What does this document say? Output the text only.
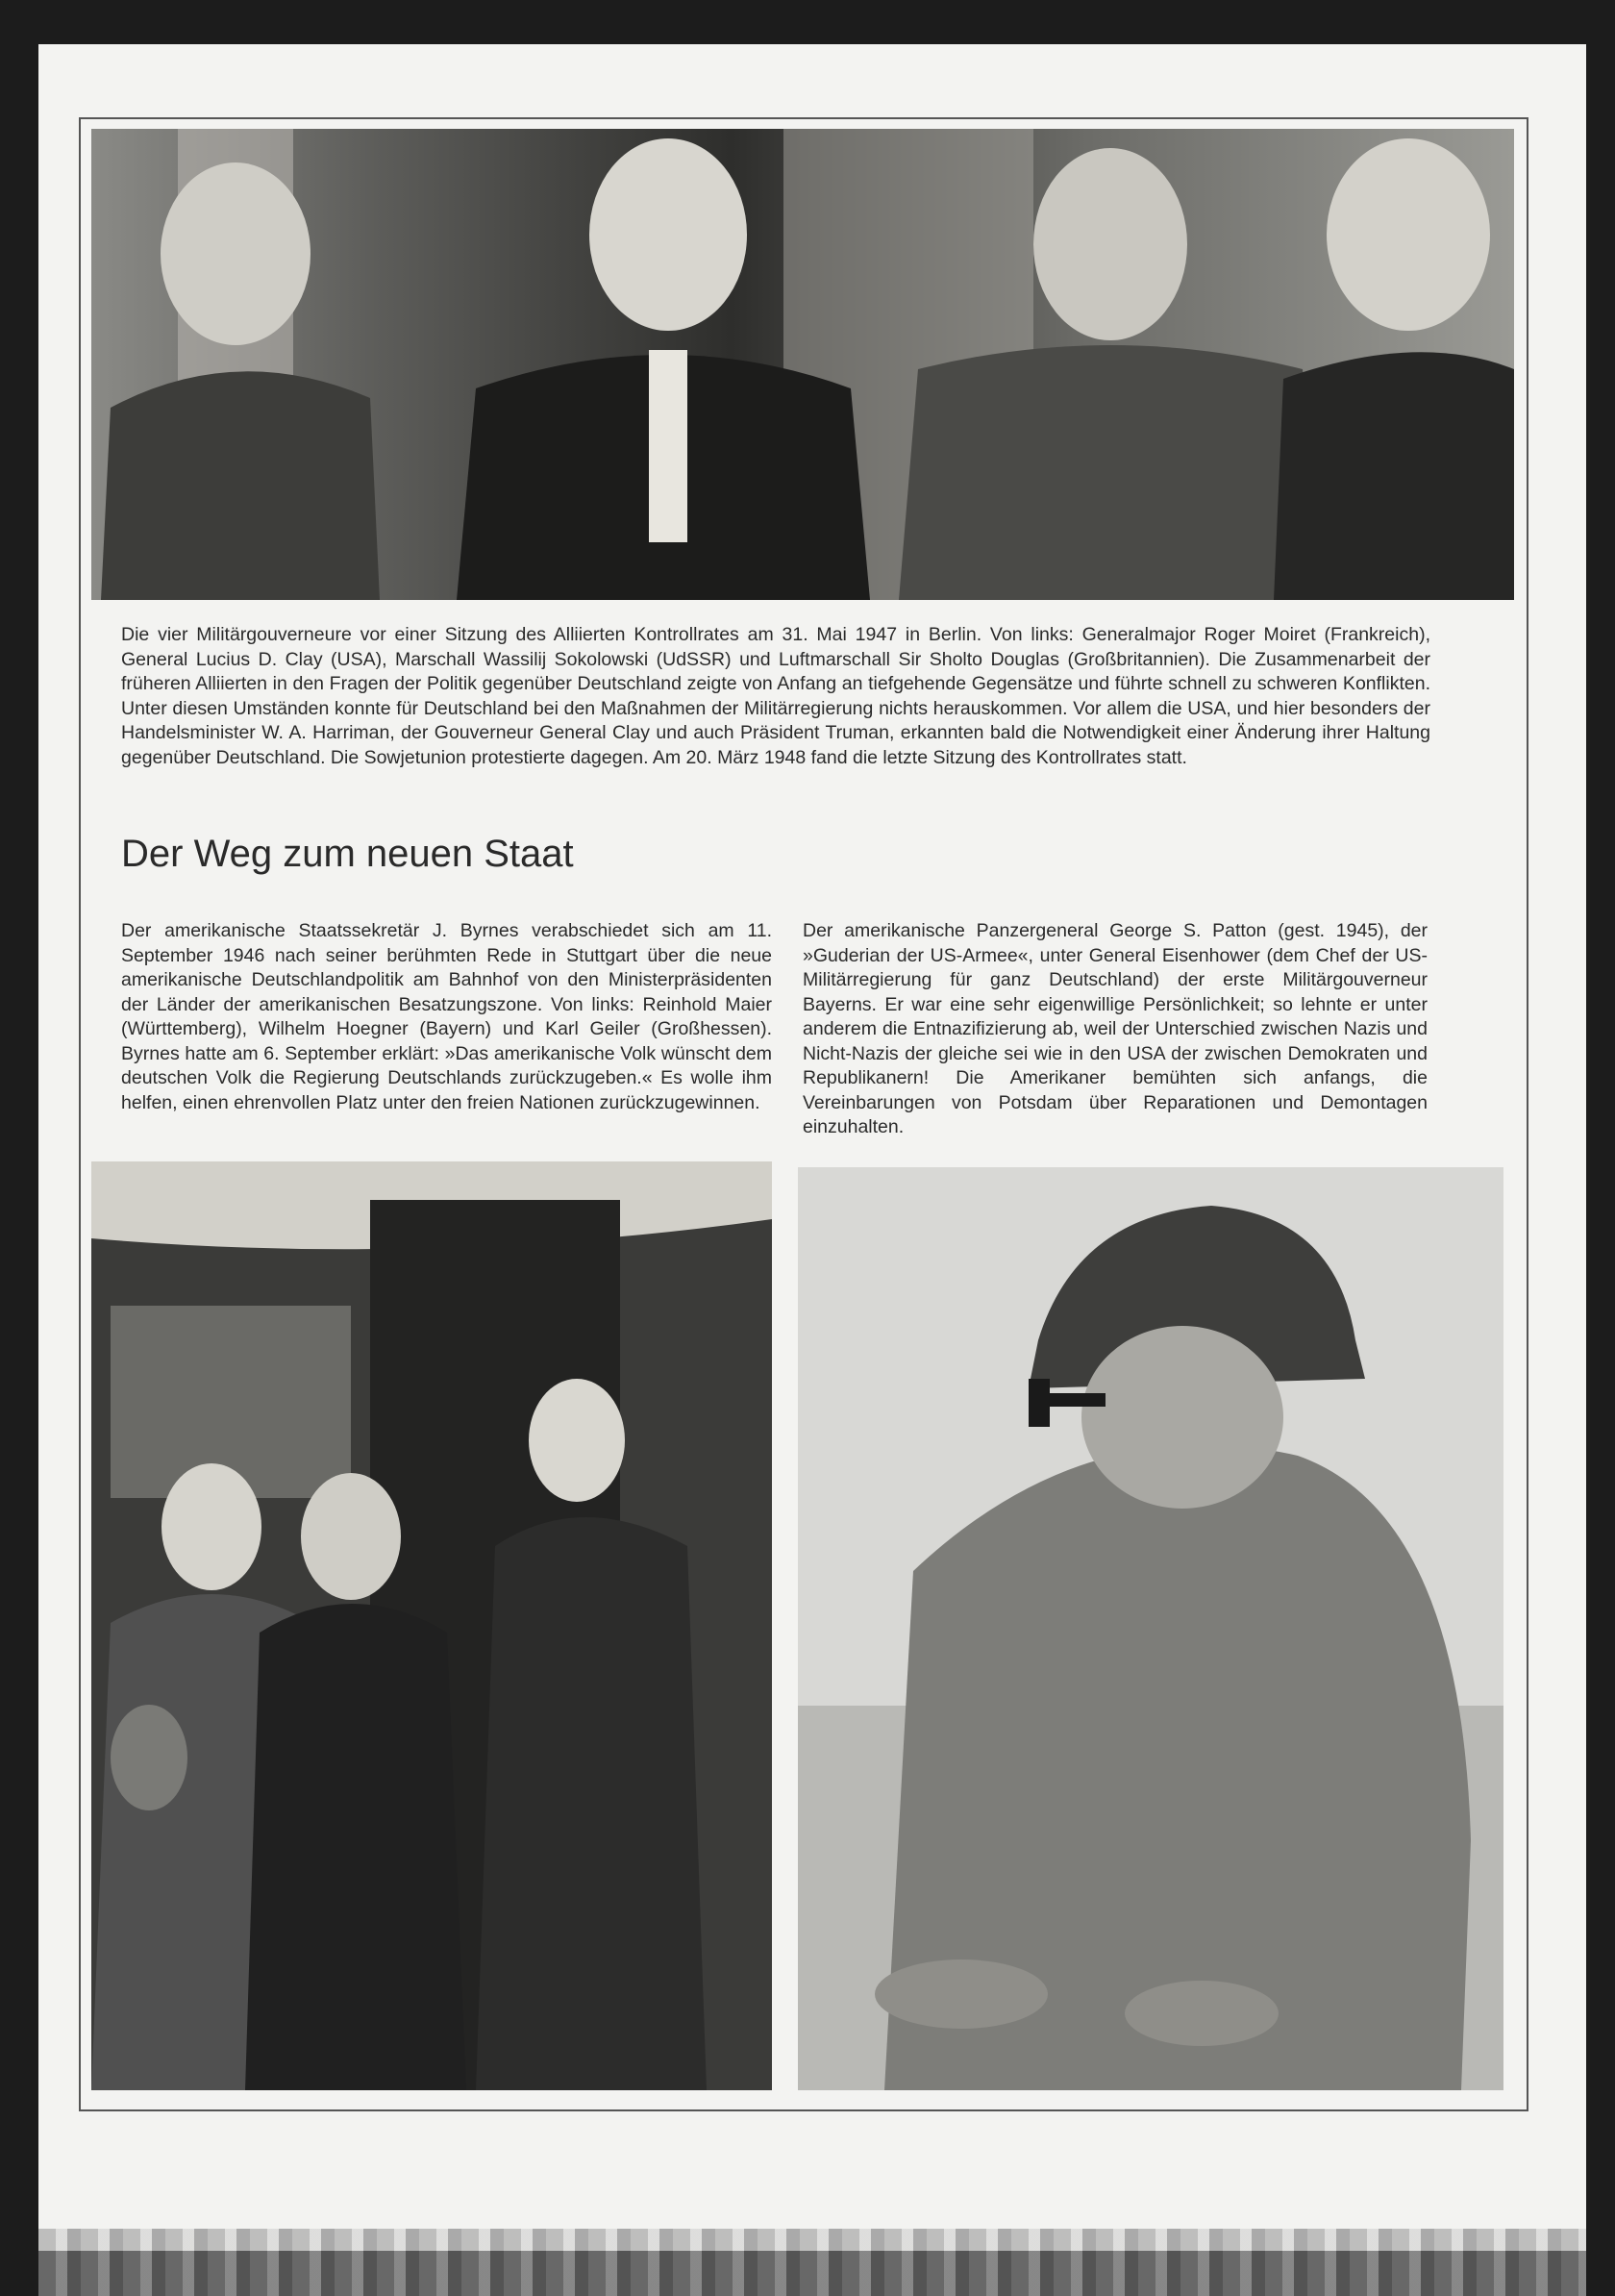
Die vier Militärgouverneure vor einer Sitzung des Alliierten Kontrollrates am 31. Mai 1947 in Berlin. Von links: Generalmajor Roger Moiret (Frankreich), General Lucius D. Clay (USA), Marschall Wassilij Sokolowski (UdSSR) und Luftmarschall Sir Sholto Douglas (Großbritannien). Die Zusammenarbeit der früheren Alliierten in den Fragen der Politik gegenüber Deutschland zeigte von Anfang an tiefgehende Gegensätze und führte schnell zu schweren Konflikten. Unter diesen Umständen konnte für Deutschland bei den Maßnahmen der Militärregierung nichts herauskommen. Vor allem die USA, und hier besonders der Handelsminister W. A. Harriman, der Gouverneur General Clay und auch Präsident Truman, erkannten bald die Notwendigkeit einer Änderung ihrer Haltung gegenüber Deutschland. Die Sowjetunion protestierte dagegen. Am 20. März 1948 fand die letzte Sitzung des Kontrollrates statt.
Der Weg zum neuen Staat
Der amerikanische Staatssekretär J. Byrnes verabschiedet sich am 11. September 1946 nach seiner berühmten Rede in Stuttgart über die neue amerikanische Deutschlandpolitik am Bahnhof von den Ministerpräsidenten der Länder der amerikanischen Besatzungszone. Von links: Reinhold Maier (Württemberg), Wilhelm Hoegner (Bayern) und Karl Geiler (Großhessen). Byrnes hatte am 6. September erklärt: »Das amerikanische Volk wünscht dem deutschen Volk die Regierung Deutschlands zurückzugeben.« Es wolle ihm helfen, einen ehrenvollen Platz unter den freien Nationen zurückzugewinnen.
Der amerikanische Panzergeneral George S. Patton (gest. 1945), der »Guderian der US-Armee«, unter General Eisenhower (dem Chef der US-Militärregierung für ganz Deutschland) der erste Militärgouverneur Bayerns. Er war eine sehr eigenwillige Persönlichkeit; so lehnte er unter anderem die Entnazifizierung ab, weil der Unterschied zwischen Nazis und Nicht-Nazis der gleiche sei wie in den USA der zwischen Demokraten und Republikanern! Die Amerikaner bemühten sich anfangs, die Vereinbarungen von Potsdam über Reparationen und Demontagen einzuhalten.
